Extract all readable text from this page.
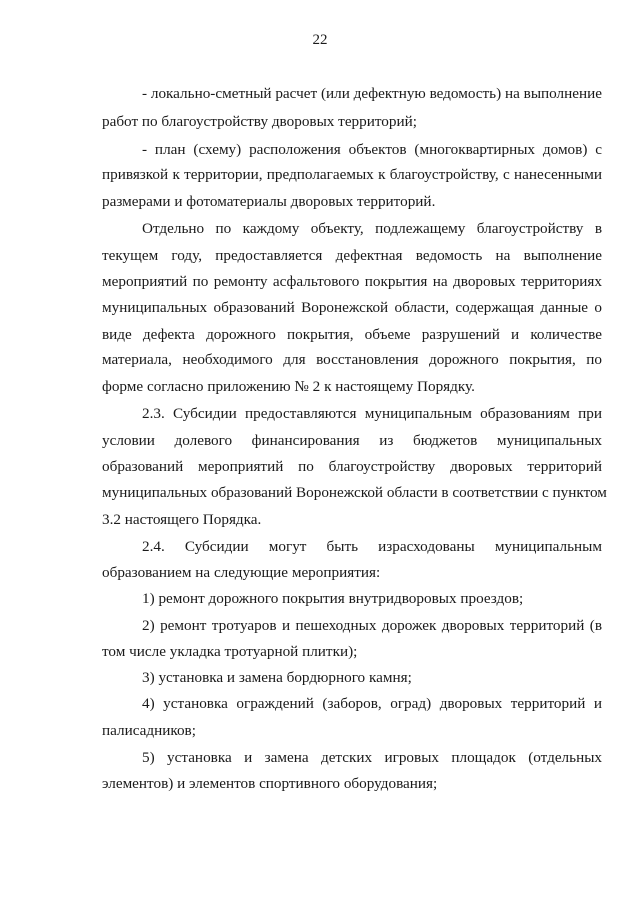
22
- локально-сметный расчет (или дефектную ведомость) на выполнение
работ по благоустройству дворовых территорий;
- план (схему) расположения объектов (многоквартирных домов) с
привязкой к территории, предполагаемых к благоустройству, с нанесенными
размерами и фотоматериалы дворовых территорий.
Отдельно по каждому объекту, подлежащему благоустройству в
текущем году, предоставляется дефектная ведомость на выполнение
мероприятий по ремонту асфальтового покрытия на дворовых территориях
муниципальных образований Воронежской области, содержащая данные о
виде дефекта дорожного покрытия, объеме разрушений и количестве
материала, необходимого для восстановления дорожного покрытия, по
форме согласно приложению № 2 к настоящему Порядку.
2.3. Субсидии предоставляются муниципальным образованиям при
условии долевого финансирования из бюджетов муниципальных
образований мероприятий по благоустройству дворовых территорий
муниципальных образований Воронежской области в соответствии с пунктом
3.2 настоящего Порядка.
2.4. Субсидии могут быть израсходованы муниципальным
образованием на следующие мероприятия:
1) ремонт дорожного покрытия внутридворовых проездов;
2) ремонт тротуаров и пешеходных дорожек дворовых территорий (в
том числе укладка тротуарной плитки);
3) установка и замена бордюрного камня;
4) установка ограждений (заборов, оград) дворовых территорий и
палисадников;
5) установка и замена детских игровых площадок (отдельных
элементов) и элементов спортивного оборудования;
